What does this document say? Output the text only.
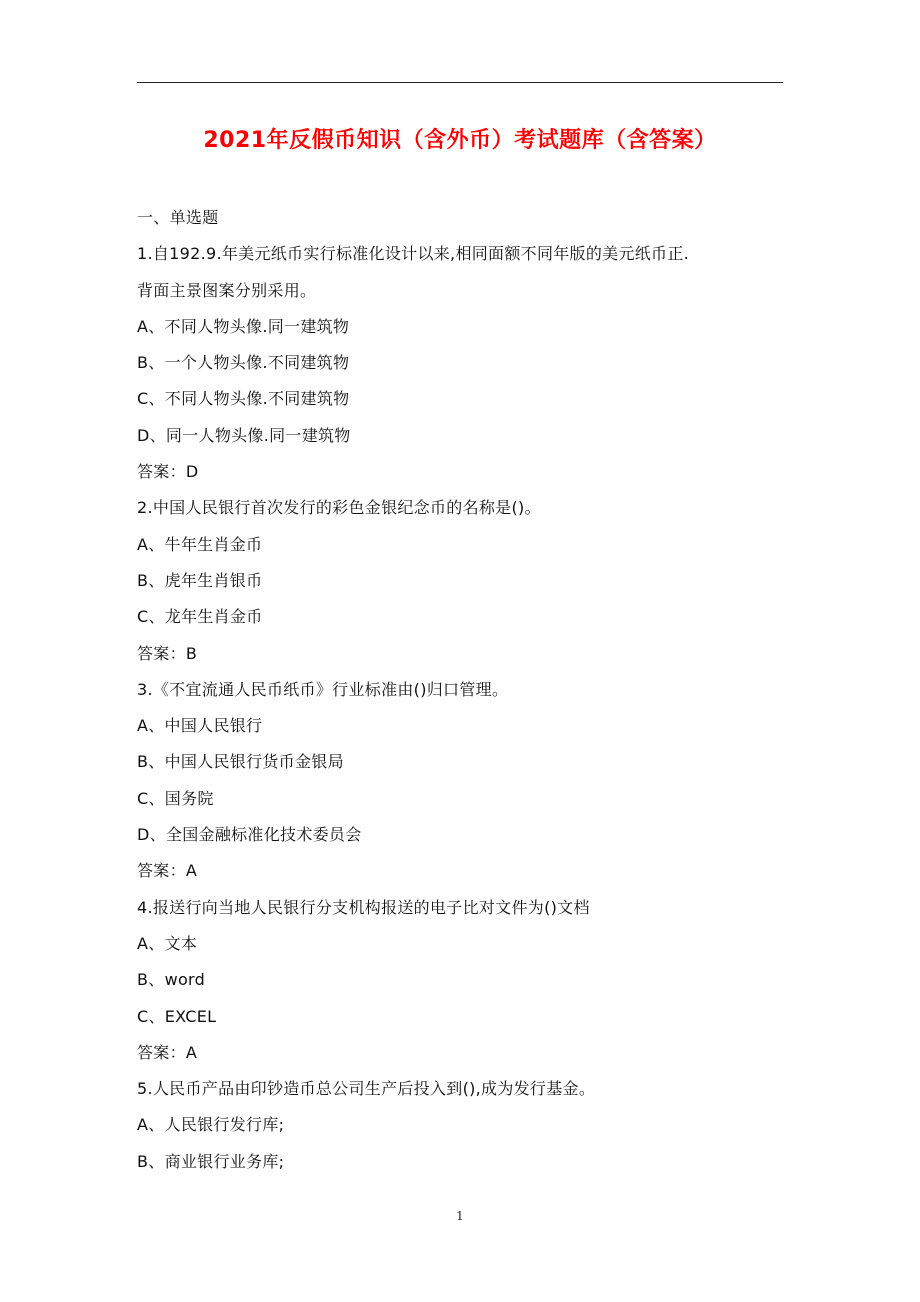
2021年反假币知识（含外币）考试题库（含答案）
一、单选题
1.自192.9.年美元纸币实行标准化设计以来,相同面额不同年版的美元纸币正.
背面主景图案分别采用。
A、不同人物头像.同一建筑物
B、一个人物头像.不同建筑物
C、不同人物头像.不同建筑物
D、同一人物头像.同一建筑物
答案：D
2.中国人民银行首次发行的彩色金银纪念币的名称是()。
A、牛年生肖金币
B、虎年生肖银币
C、龙年生肖金币
答案：B
3.《不宜流通人民币纸币》行业标准由()归口管理。
A、中国人民银行
B、中国人民银行货币金银局
C、国务院
D、全国金融标准化技术委员会
答案：A
4.报送行向当地人民银行分支机构报送的电子比对文件为()文档
A、文本
B、word
C、EXCEL
答案：A
5.人民币产品由印钞造币总公司生产后投入到(),成为发行基金。
A、人民银行发行库;
B、商业银行业务库;
1
